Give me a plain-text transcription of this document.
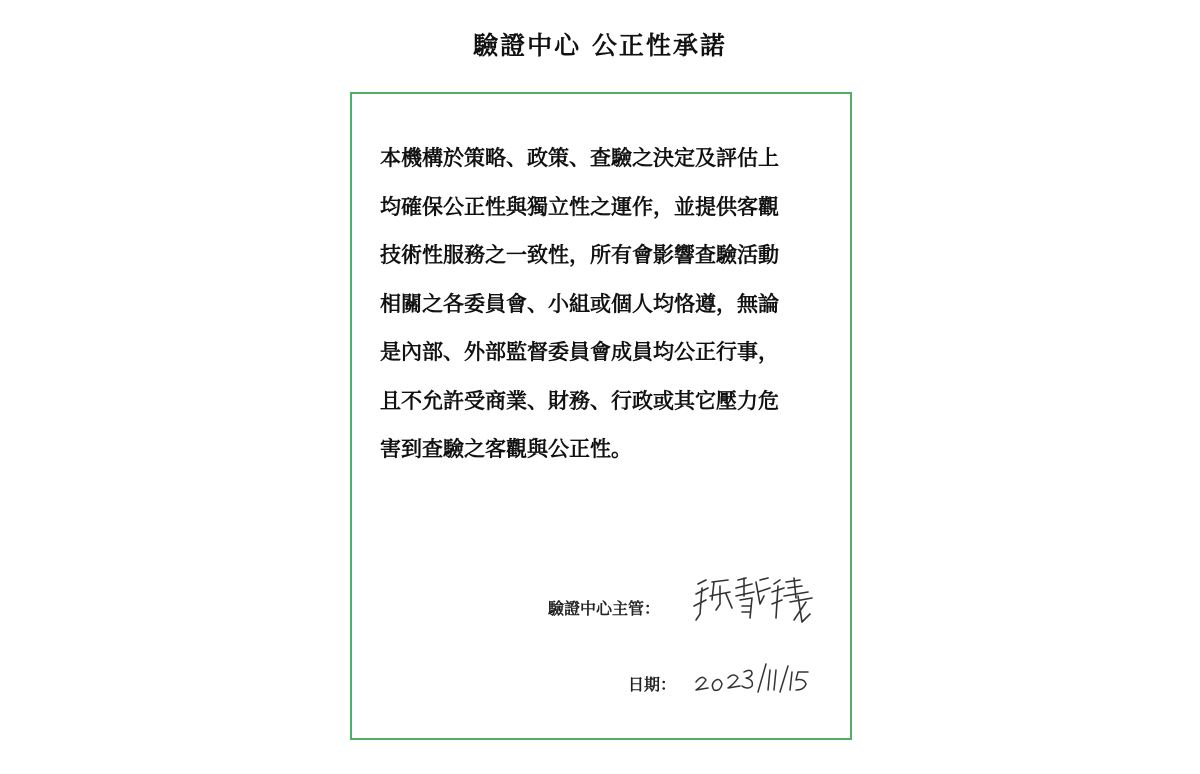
驗證中心 公正性承諾

本機構於策略、政策、查驗之決定及評估上
均確保公正性與獨立性之運作，並提供客觀
技術性服務之一致性，所有會影響查驗活動
相關之各委員會、小組或個人均恪遵，無論
是內部、外部監督委員會成員均公正行事，
且不允許受商業、財務、行政或其它壓力危
害到查驗之客觀與公正性。

驗證中心主管：
日期：
